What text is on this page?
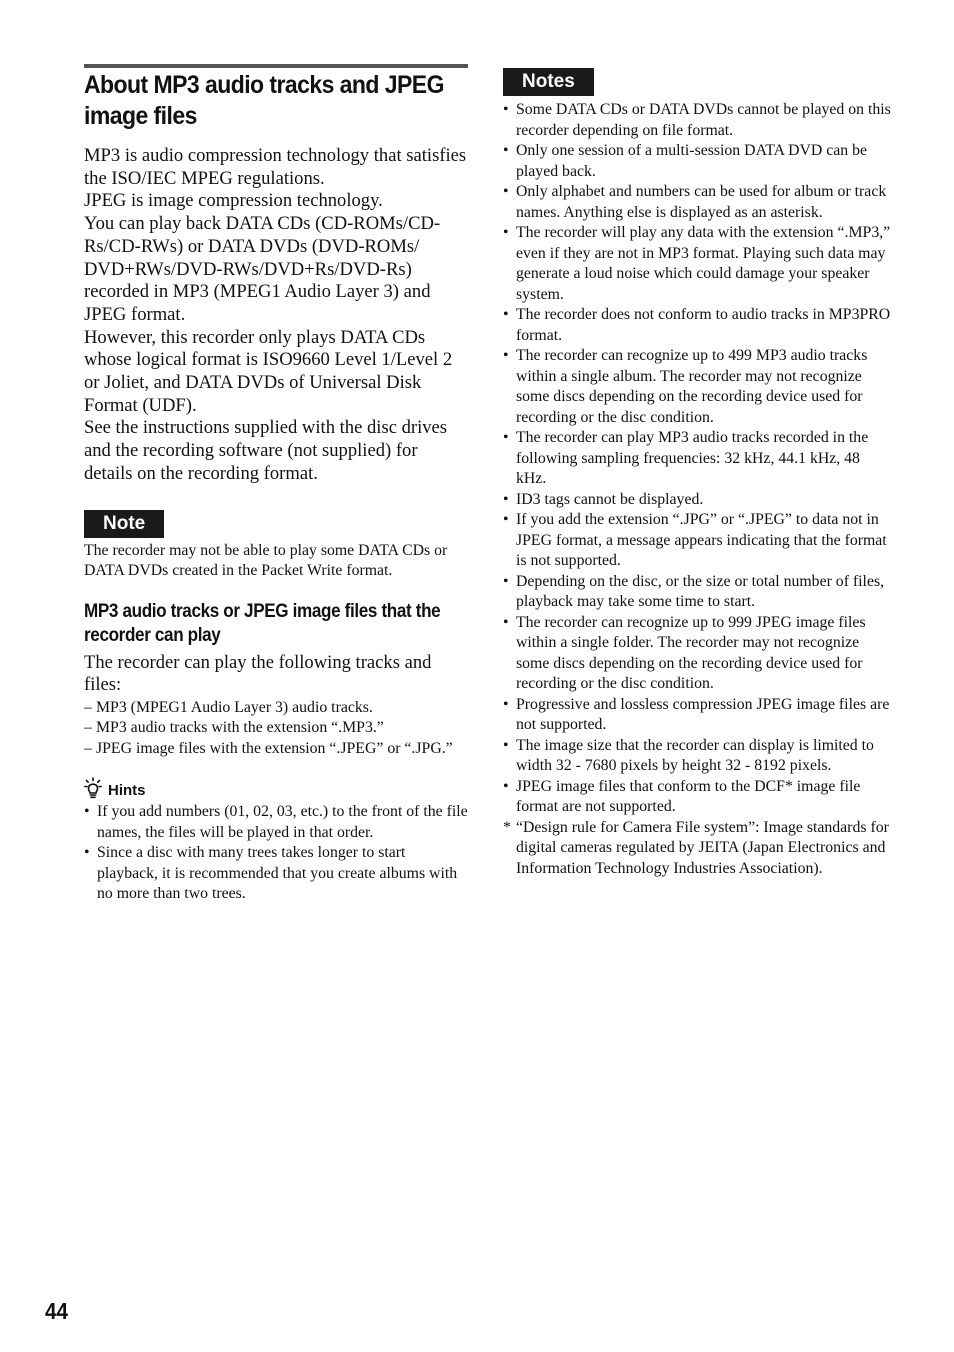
About MP3 audio tracks and JPEG image files

MP3 is audio compression technology that satisfies the ISO/IEC MPEG regulations.

JPEG is image compression technology.

You can play back DATA CDs (CD-ROMs/CD-Rs/CD-RWs) or DATA DVDs (DVD-ROMs/ DVD+RWs/DVD-RWs/DVD+Rs/DVD-Rs) recorded in MP3 (MPEG1 Audio Layer 3) and JPEG format.

However, this recorder only plays DATA CDs whose logical format is ISO9660 Level 1/Level 2 or Joliet, and DATA DVDs of Universal Disk Format (UDF).

See the instructions supplied with the disc drives and the recording software (not supplied) for details on the recording format.

Note

The recorder may not be able to play some DATA CDs or DATA DVDs created in the Packet Write format.

MP3 audio tracks or JPEG image files that the recorder can play

The recorder can play the following tracks and files:

– MP3 (MPEG1 Audio Layer 3) audio tracks.
– MP3 audio tracks with the extension “.MP3.”
– JPEG image files with the extension “.JPEG” or “.JPG.”
Hints
• If you add numbers (01, 02, 03, etc.) to the front of the file names, the files will be played in that order.
• Since a disc with many trees takes longer to start playback, it is recommended that you create albums with no more than two trees.
Notes
• Some DATA CDs or DATA DVDs cannot be played on this recorder depending on file format.
• Only one session of a multi-session DATA DVD can be played back.
• Only alphabet and numbers can be used for album or track names. Anything else is displayed as an asterisk.
• The recorder will play any data with the extension “.MP3,” even if they are not in MP3 format. Playing such data may generate a loud noise which could damage your speaker system.
• The recorder does not conform to audio tracks in MP3PRO format.
• The recorder can recognize up to 499 MP3 audio tracks within a single album. The recorder may not recognize some discs depending on the recording device used for recording or the disc condition.
• The recorder can play MP3 audio tracks recorded in the following sampling frequencies: 32 kHz, 44.1 kHz, 48 kHz.
• ID3 tags cannot be displayed.
• If you add the extension “.JPG” or “.JPEG” to data not in JPEG format, a message appears indicating that the format is not supported.
• Depending on the disc, or the size or total number of files, playback may take some time to start.
• The recorder can recognize up to 999 JPEG image files within a single folder. The recorder may not recognize some discs depending on the recording device used for recording or the disc condition.
• Progressive and lossless compression JPEG image files are not supported.
• The image size that the recorder can display is limited to width 32 - 7680 pixels by height 32 - 8192 pixels.
• JPEG image files that conform to the DCF* image file format are not supported.
* “Design rule for Camera File system”: Image standards for digital cameras regulated by JEITA (Japan Electronics and Information Technology Industries Association).
44
